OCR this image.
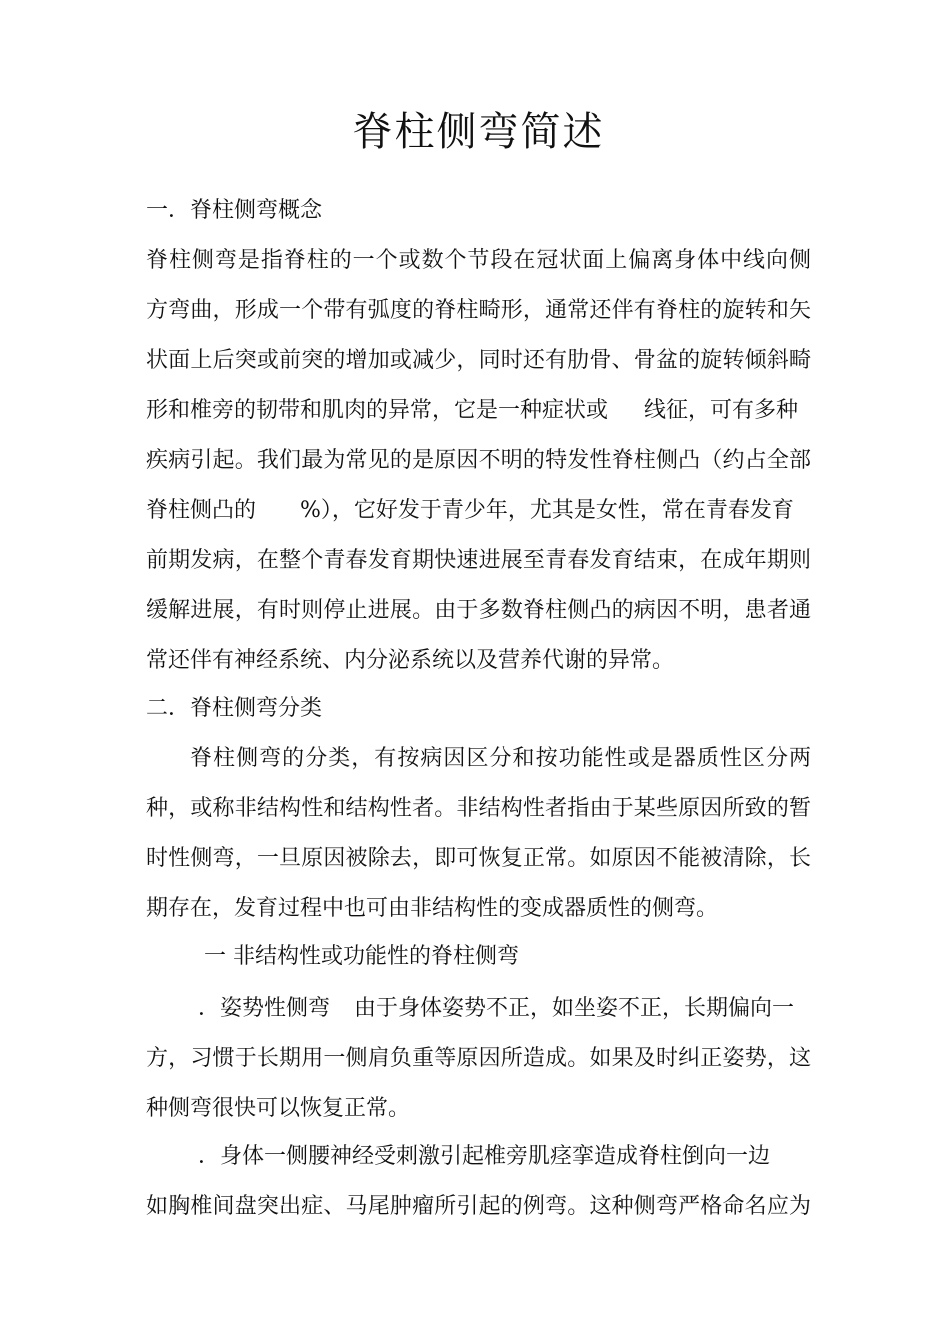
脊柱侧弯简述

一．脊柱侧弯概念

脊柱侧弯是指脊柱的一个或数个节段在冠状面上偏离身体中线向侧

方弯曲，形成一个带有弧度的脊柱畸形，通常还伴有脊柱的旋转和矢

状面上后突或前突的增加或减少，同时还有肋骨、骨盆的旋转倾斜畸

形和椎旁的韧带和肌肉的异常，它是一种症状或 线征，可有多种

疾病引起。我们最为常见的是原因不明的特发性脊柱侧凸（约占全部

脊柱侧凸的 %），它好发于青少年，尤其是女性，常在青春发育

前期发病，在整个青春发育期快速进展至青春发育结束，在成年期则

缓解进展，有时则停止进展。由于多数脊柱侧凸的病因不明，患者通

常还伴有神经系统、内分泌系统以及营养代谢的异常。

二．脊柱侧弯分类

脊柱侧弯的分类，有按病因区分和按功能性或是器质性区分两

种，或称非结构性和结构性者。非结构性者指由于某些原因所致的暂

时性侧弯，一旦原因被除去，即可恢复正常。如原因不能被清除，长

期存在，发育过程中也可由非结构性的变成器质性的侧弯。

一 非结构性或功能性的脊柱侧弯

．姿势性侧弯 由于身体姿势不正，如坐姿不正，长期偏向一

方，习惯于长期用一侧肩负重等原因所造成。如果及时纠正姿势，这

种侧弯很快可以恢复正常。

．身体一侧腰神经受刺激引起椎旁肌痉挛造成脊柱倒向一边

如胸椎间盘突出症、马尾肿瘤所引起的例弯。这种侧弯严格命名应为
